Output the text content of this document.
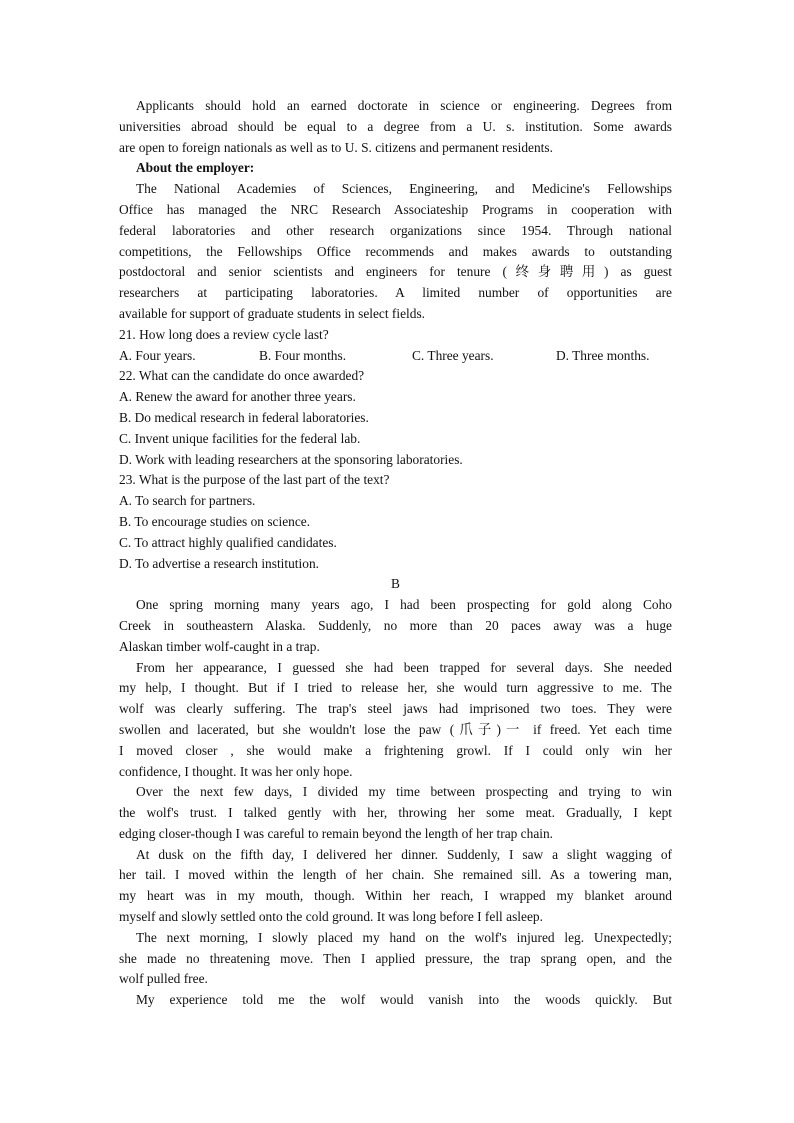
Applicants should hold an earned doctorate in science or engineering. Degrees from
universities abroad should be equal to a degree from a U. s. institution. Some awards
are open to foreign nationals as well as to U. S. citizens and permanent residents.
About the employer:
The National Academies of Sciences, Engineering, and Medicine's Fellowships
Office has managed the NRC Research Associateship Programs in cooperation with
federal laboratories and other research organizations since 1954. Through national
competitions, the Fellowships Office recommends and makes awards to outstanding
postdoctoral and senior scientists and engineers for tenure (终身聘用) as guest
researchers at participating laboratories. A limited number of opportunities are
available for support of graduate students in select fields.
21. How long does a review cycle last?
A. Four years.	B. Four months.	C. Three years.	D. Three months.
22. What can the candidate do once awarded?
A. Renew the award for another three years.
B. Do medical research in federal laboratories.
C. Invent unique facilities for the federal lab.
D. Work with leading researchers at the sponsoring laboratories.
23. What is the purpose of the last part of the text?
A. To search for partners.
B. To encourage studies on science.
C. To attract highly qualified candidates.
D. To advertise a research institution.
B
One spring morning many years ago, I had been prospecting for gold along Coho
Creek in southeastern Alaska. Suddenly, no more than 20 paces away was a huge
Alaskan timber wolf-caught in a trap.
From her appearance, I guessed she had been trapped for several days. She needed
my help, I thought. But if I tried to release her, she would turn aggressive to me. The
wolf was clearly suffering. The trap's steel jaws had imprisoned two toes. They were
swollen and lacerated, but she wouldn't lose the paw (爪子)一 if freed. Yet each time
I moved closer , she would make a frightening growl. If I could only win her
confidence, I thought. It was her only hope.
Over the next few days, I divided my time between prospecting and trying to win
the wolf's trust. I talked gently with her, throwing her some meat. Gradually, I kept
edging closer-though I was careful to remain beyond the length of her trap chain.
At dusk on the fifth day, I delivered her dinner. Suddenly, I saw a slight wagging of
her tail. I moved within the length of her chain. She remained sill. As a towering man,
my heart was in my mouth, though. Within her reach, I wrapped my blanket around
myself and slowly settled onto the cold ground. It was long before I fell asleep.
The next morning, I slowly placed my hand on the wolf's injured leg. Unexpectedly;
she made no threatening move. Then I applied pressure, the trap sprang open, and the
wolf pulled free.
My experience told me the wolf would vanish into the woods quickly. But
